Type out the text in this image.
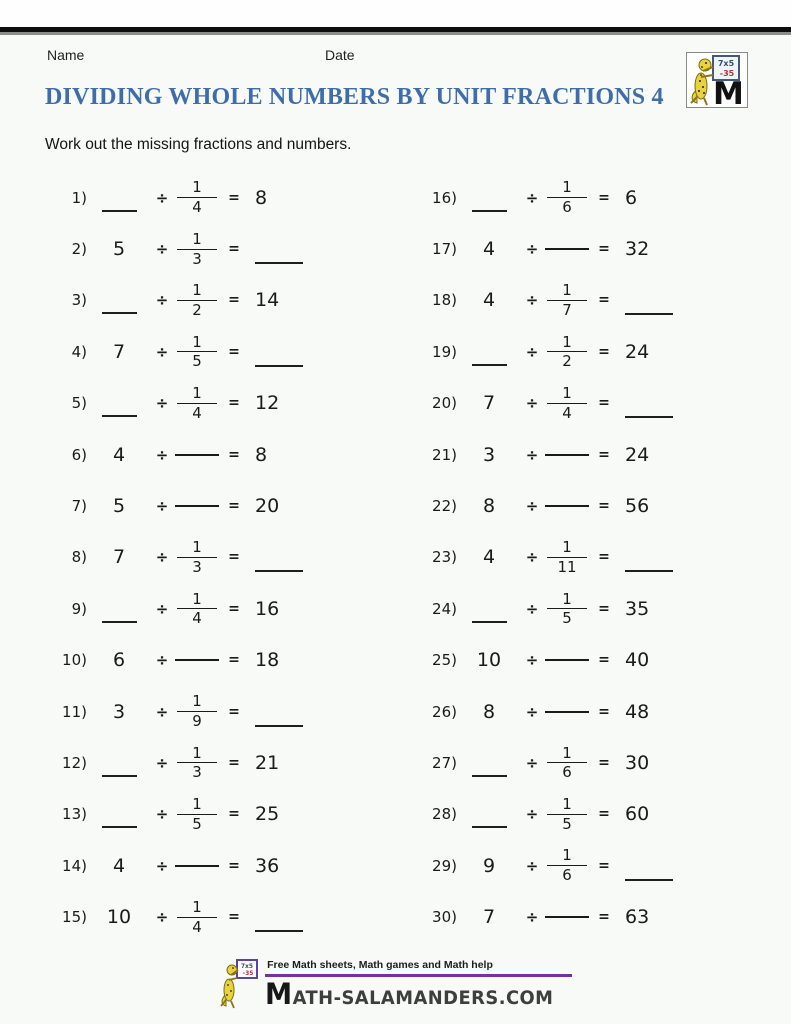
Name	Date
7x5
-35
M
DIVIDING WHOLE NUMBERS BY UNIT FRACTIONS 4
Work out the missing fractions and numbers.
1)	÷ $\frac{1}{4} = 8$
2)	5	÷ $\frac{1}{3}$ =
3)	÷ $\frac{1}{2} = 14$
4)	7	÷ $\frac{1}{5}$ =
5)	÷ $\frac{1}{4} = 12$
6)	4	÷	= 8
7)	5	÷	= 20
8)	7	÷ $\frac{1}{3}$ =
9)	÷ $\frac{1}{4} = 16$
10)	6	÷	= 18
11)	3	÷ $\frac{1}{9}$ =
12)	÷ $\frac{1}{3} = 21$
13)	÷ $\frac{1}{5} = 25$
14)	4	÷	= 36
15)	10	÷ $\frac{1}{4}$ =
16)	÷ $\frac{1}{6} = 6$
17)	4	÷	= 32
18)	4	÷ $\frac{1}{7}$ =
19)	÷ $\frac{1}{2} = 24$
20)	7	÷ $\frac{1}{4}$ =
21)	3	÷	= 24
22)	8	÷	= 56
23)	4	÷ $\frac{1}{11}$ =
24)	÷ $\frac{1}{5} = 35$
25)	10	÷	= 40
26)	8	÷	= 48
27)	÷ $\frac{1}{6} = 30$
28)	÷ $\frac{1}{5} = 60$
29)	9	÷ $\frac{1}{6}$ =
30)	7	÷	= 63
7x5
-35
Free Math sheets, Math games and Math help
MATH-SALAMANDERS.COM
